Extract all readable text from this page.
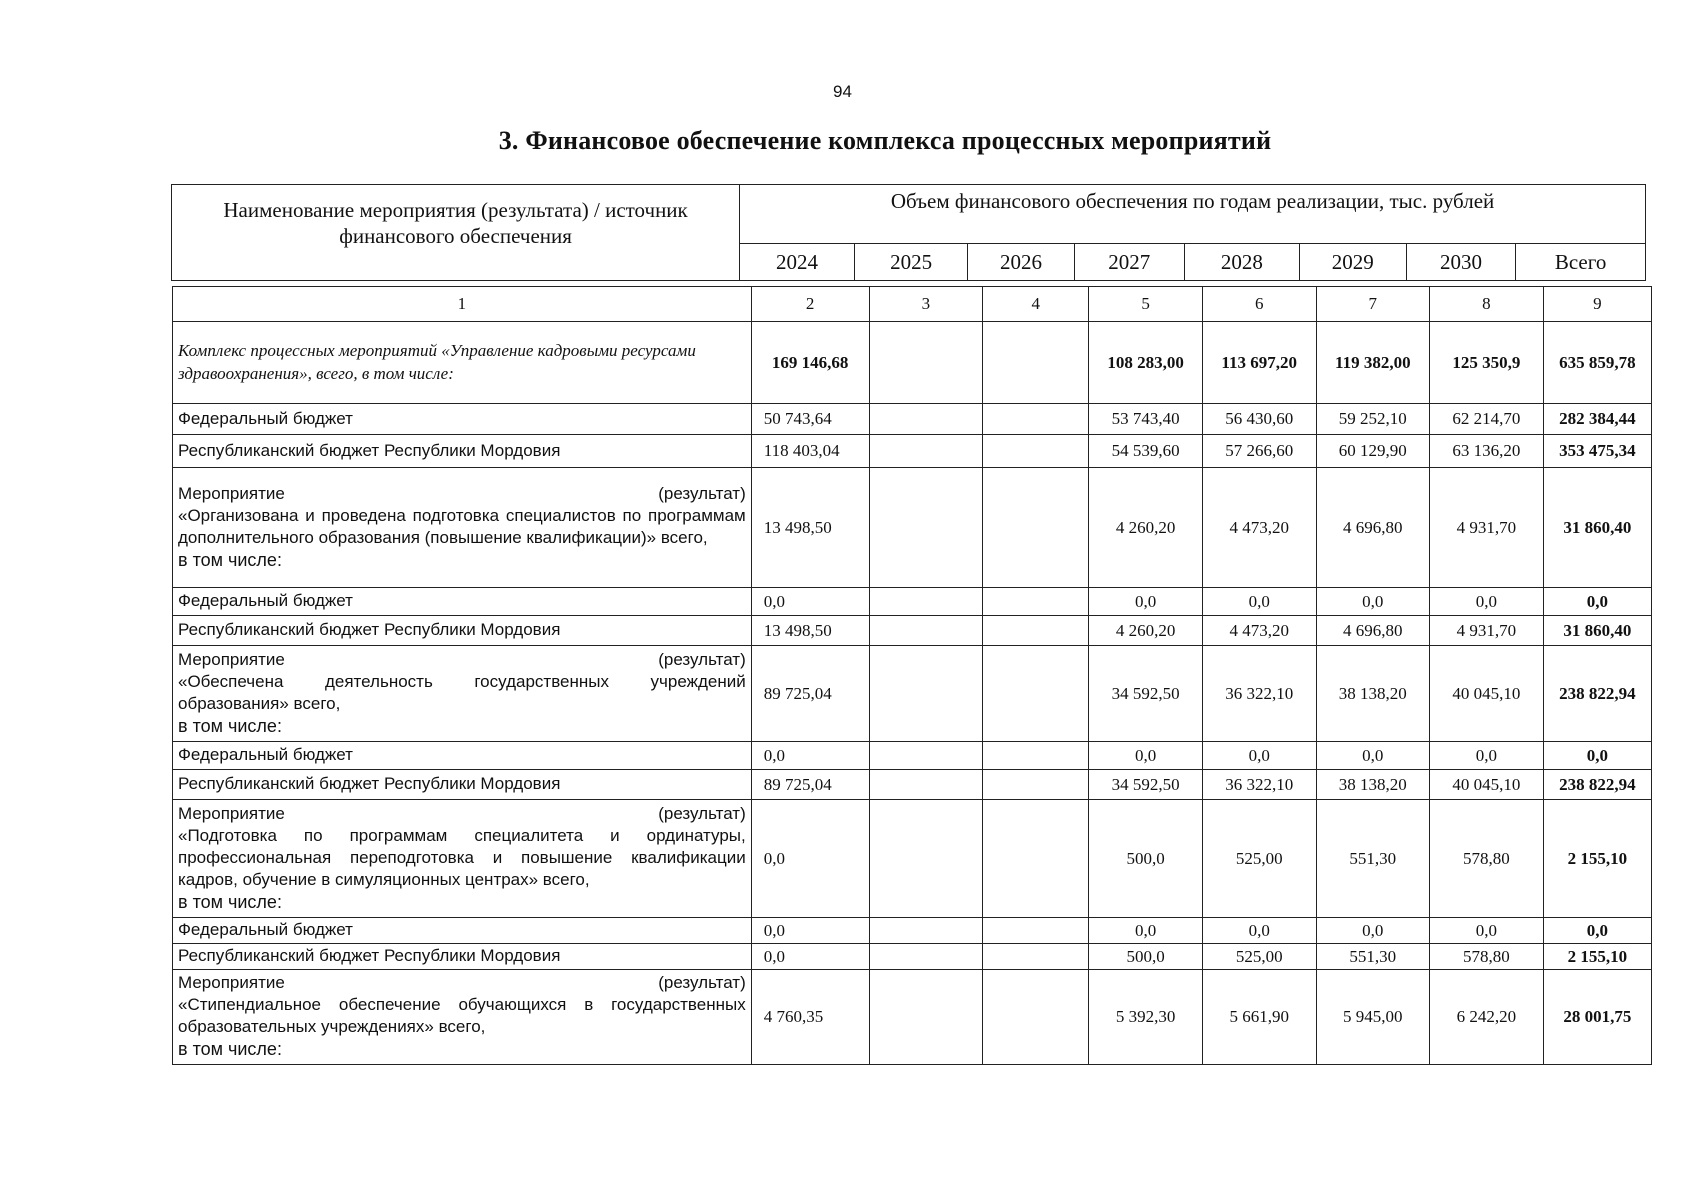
94
3. Финансовое обеспечение комплекса процессных мероприятий
Наименование мероприятия (результата) / источник финансового обеспечения	Объем финансового обеспечения по годам реализации, тыс. рублей							
	2024	2025	2026	2027	2028	2029	2030	Всего
1	2	3	4	5	6	7	8	9
Комплекс процессных мероприятий «Управление кадровыми ресурсами здравоохранения», всего, в том числе:	169 146,68			108 283,00	113 697,20	119 382,00	125 350,9	635 859,78
Федеральный бюджет	50 743,64			53 743,40	56 430,60	59 252,10	62 214,70	282 384,44
Республиканский бюджет Республики Мордовия	118 403,04			54 539,60	57 266,60	60 129,90	63 136,20	353 475,34

Мероприятие (результат)
«Организована и проведена подготовка специалистов по программам дополнительного образования (повышение квалификации)» всего,
в том числе:	13 498,50			4 260,20	4 473,20	4 696,80	4 931,70	31 860,40
Федеральный бюджет	0,0			0,0	0,0	0,0	0,0	0,0
Республиканский бюджет Республики Мордовия	13 498,50			4 260,20	4 473,20	4 696,80	4 931,70	31 860,40

Мероприятие (результат)
«Обеспечена деятельность государственных учреждений образования» всего,
в том числе:	89 725,04			34 592,50	36 322,10	38 138,20	40 045,10	238 822,94
Федеральный бюджет	0,0			0,0	0,0	0,0	0,0	0,0
Республиканский бюджет Республики Мордовия	89 725,04			34 592,50	36 322,10	38 138,20	40 045,10	238 822,94

Мероприятие (результат)
«Подготовка по программам специалитета и ординатуры, профессиональная переподготовка и повышение квалификации кадров, обучение в симуляционных центрах» всего,
в том числе:	0,0			500,0	525,00	551,30	578,80	2 155,10
Федеральный бюджет	0,0			0,0	0,0	0,0	0,0	0,0
Республиканский бюджет Республики Мордовия	0,0			500,0	525,00	551,30	578,80	2 155,10

Мероприятие (результат)
«Стипендиальное обеспечение обучающихся в государственных образовательных учреждениях» всего,
в том числе:	4 760,35			5 392,30	5 661,90	5 945,00	6 242,20	28 001,75
